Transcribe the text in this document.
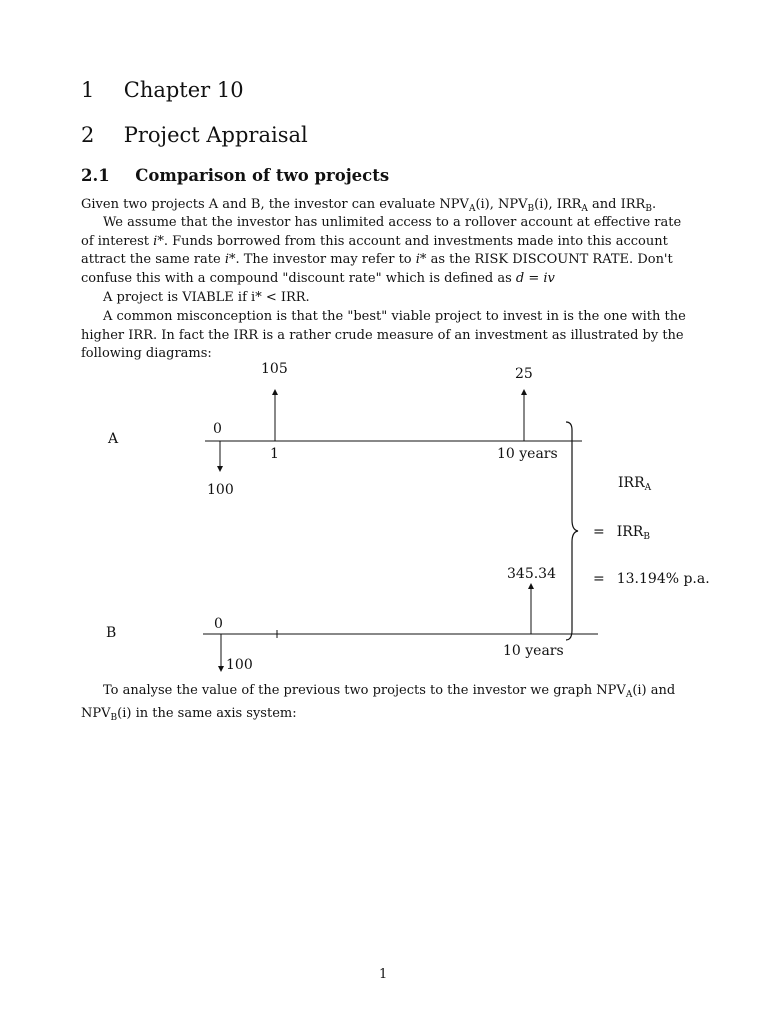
1 Chapter 10
2 Project Appraisal
2.1 Comparison of two projects
Given two projects A and B, the investor can evaluate $NPV_A(i)$, $NPV_B(i)$, $IRR_A$ and $IRR_B$.
We assume that the investor has unlimited access to a rollover account at effective rate of interest i*. Funds borrowed from this account and investments made into this account attract the same rate i*. The investor may refer to i* as the RISK DISCOUNT RATE. Don't confuse this with a compound "discount rate" which is defined as d = iv
A project is VIABLE if i* < IRR.
A common misconception is that the "best" viable project to invest in is the one with the higher IRR. In fact the IRR is a rather crude measure of an investment as illustrated by the following diagrams:
A
105	25
0
1	10 years
100
B
345.34
0
10 years
100
$IRR_A$
= $IRR_B$
= 13.194% p.a.
To analyse the value of the previous two projects to the investor we graph $NPV_A(i)$ and $NPV_B(i)$ in the same axis system:
1
